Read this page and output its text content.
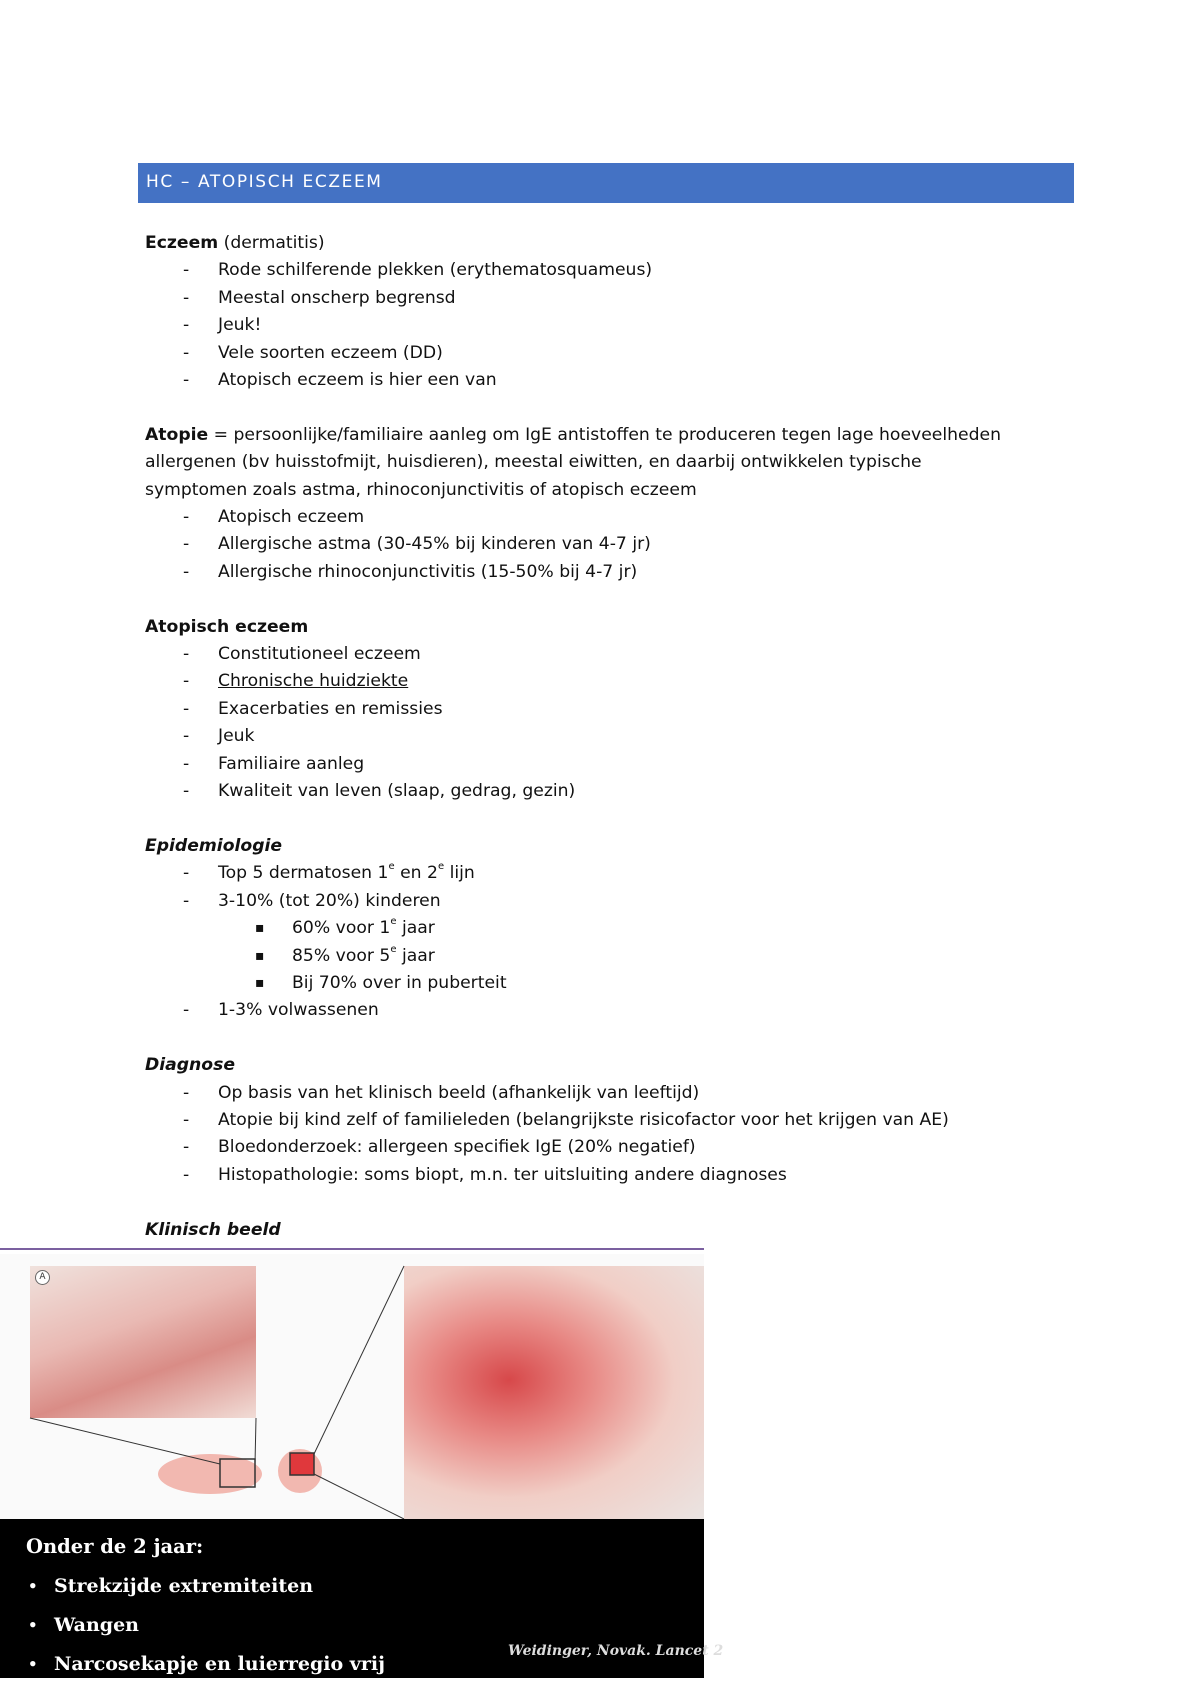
HC – ATOPISCH ECZEEM

Eczeem (dermatitis)

- Rode schilferende plekken (erythematosquameus)
- Meestal onscherp begrensd
- Jeuk!
- Vele soorten eczeem (DD)
- Atopisch eczeem is hier een van

Atopie = persoonlijke/familiaire aanleg om IgE antistoffen te produceren tegen lage hoeveelheden

allergenen (bv huisstofmijt, huisdieren), meestal eiwitten, en daarbij ontwikkelen typische

symptomen zoals astma, rhinoconjunctivitis of atopisch eczeem

- Atopisch eczeem
- Allergische astma (30-45% bij kinderen van 4-7 jr)
- Allergische rhinoconjunctivitis (15-50% bij 4-7 jr)

Atopisch eczeem

- Constitutioneel eczeem
- Chronische huidziekte
- Exacerbaties en remissies
- Jeuk
- Familiaire aanleg
- Kwaliteit van leven (slaap, gedrag, gezin)

Epidemiologie

- Top 5 dermatosen 1e en 2e lijn
- 3-10% (tot 20%) kinderen
▪ 60% voor 1e jaar
▪ 85% voor 5e jaar
▪ Bij 70% over in puberteit
- 1-3% volwassenen

Diagnose

- Op basis van het klinisch beeld (afhankelijk van leeftijd)
- Atopie bij kind zelf of familieleden (belangrijkste risicofactor voor het krijgen van AE)
- Bloedonderzoek: allergeen specifiek IgE (20% negatief)
- Histopathologie: soms biopt, m.n. ter uitsluiting andere diagnoses

Klinisch beeld

A
Onder de 2 jaar:
• Strekzijde extremiteiten
• Wangen
• Narcosekapje en luierregio vrij
Weidinger, Novak. Lancet 2
